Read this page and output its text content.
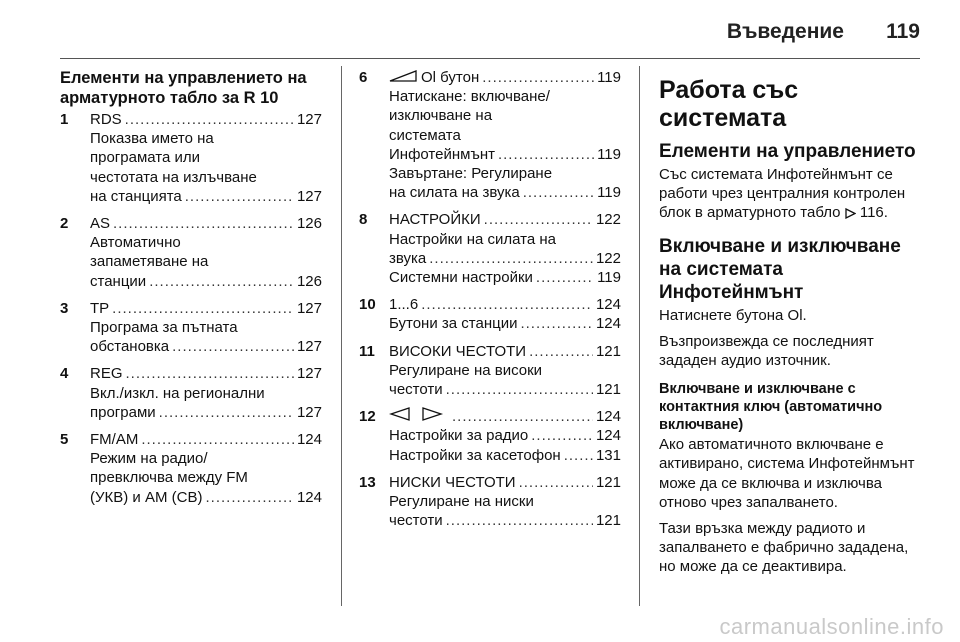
Въведение 119
Елементи на управлението на арматурното табло за R 10
1	RDS .....	127
Показва името на
програмата или
честотата на излъчване
на станцията .....	127
2	AS .....	126
Автоматично
запаметяване на
станции .....	126
3	TP .....	127
Програма за пътната
обстановка .....	127
4	REG .....	127
Вкл./изкл. на регионални
програми .....	127
5	FM/AM .....	124
Режим на радио/
превключва между FM
(УКВ) и AM (СВ) .....	124
6	Ol бутон .....	119
Натискане: включване/
изключване на
системата
Инфотейнмънт .....	119
Завъртане: Регулиране
на силата на звука .....	119
8	НАСТРОЙКИ .....	122
Настройки на силата на
звука .....	122
Системни настройки .....	119
10 1...6 .....	124
Бутони за станции .....	124
11 ВИСОКИ ЧЕСТОТИ .....	121
Регулиране на високи
честоти .....	121
12 .....	124
Настройки за радио .....	124
Настройки за касетофон ..... 131
13 НИСКИ ЧЕСТОТИ .....	121
Регулиране на ниски
честоти .....	121
Работа със системата
Елементи на управлението
Със системата Инфотейнмънт се работи чрез централния контролен блок в арматурното табло 116.
Включване и изключване на системата Инфотейнмънт
Натиснете бутона Ol.
Възпроизвежда се последният зададен аудио източник.
Включване и изключване с контактния ключ (автоматично включване)
Ако автоматичното включване е активирано, система Инфотейнмънт може да се включва и изключва отново чрез запалването.
Тази връзка между радиото и запалването е фабрично зададена, но може да се деактивира.
carmanualsonline.info
